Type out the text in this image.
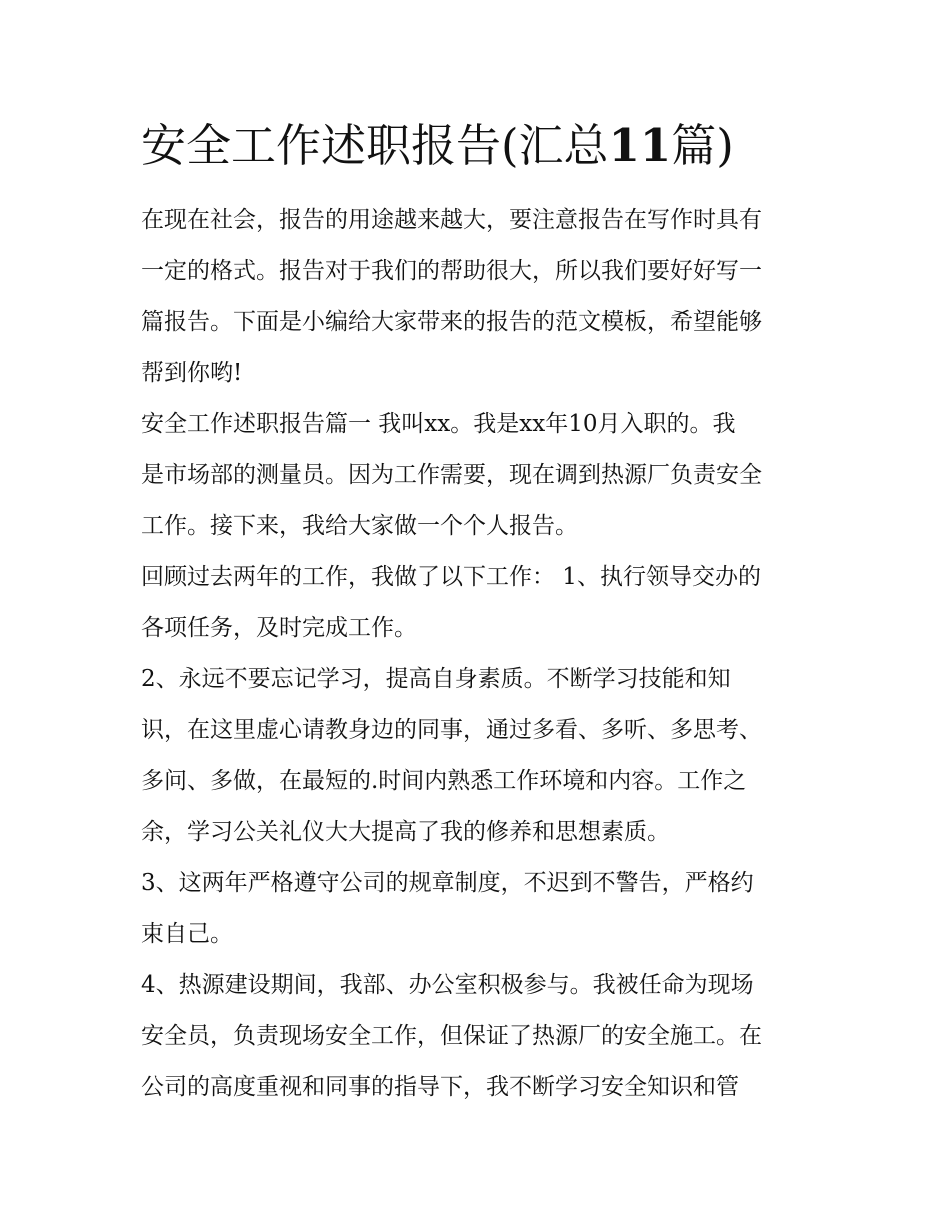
安全工作述职报告(汇总11篇)

在现在社会，报告的用途越来越大，要注意报告在写作时具有

一定的格式。报告对于我们的帮助很大，所以我们要好好写一

篇报告。下面是小编给大家带来的报告的范文模板，希望能够

帮到你哟!

安全工作述职报告篇一 我叫xx。我是xx年10月入职的。我

是市场部的测量员。因为工作需要，现在调到热源厂负责安全

工作。接下来，我给大家做一个个人报告。

回顾过去两年的工作，我做了以下工作： 1、执行领导交办的

各项任务，及时完成工作。

2、永远不要忘记学习，提高自身素质。不断学习技能和知

识，在这里虚心请教身边的同事，通过多看、多听、多思考、

多问、多做，在最短的.时间内熟悉工作环境和内容。工作之

余，学习公关礼仪大大提高了我的修养和思想素质。

3、这两年严格遵守公司的规章制度，不迟到不警告，严格约

束自己。

4、热源建设期间，我部、办公室积极参与。我被任命为现场

安全员，负责现场安全工作，但保证了热源厂的安全施工。在

公司的高度重视和同事的指导下，我不断学习安全知识和管
